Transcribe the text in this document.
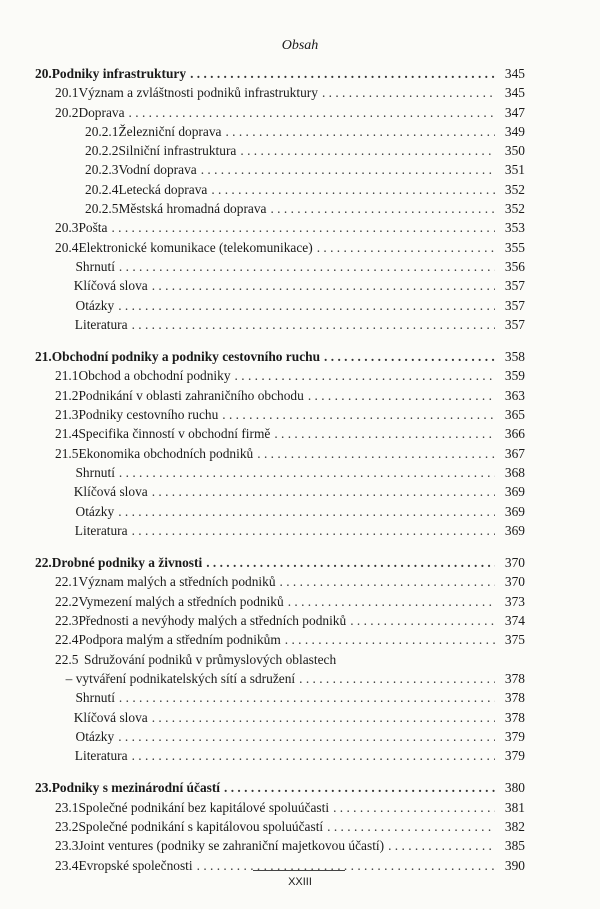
Obsah
20. Podniky infrastruktury . . .	345
20.1 Význam a zvláštnosti podniků infrastruktury . . .	345
20.2 Doprava . . .	347
20.2.1 Železniční doprava . . .	349
20.2.2 Silniční infrastruktura . . .	350
20.2.3 Vodní doprava . . .	351
20.2.4 Letecká doprava . . .	352
20.2.5 Městská hromadná doprava . . .	352
20.3 Pošta . . .	353
20.4 Elektronické komunikace (telekomunikace) . . .	355
Shrnutí . . .	356
Klíčová slova . . .	357
Otázky . . .	357
Literatura . . .	357
21. Obchodní podniky a podniky cestovního ruchu . . .	358
21.1 Obchod a obchodní podniky . . .	359
21.2 Podnikání v oblasti zahraničního obchodu . . .	363
21.3 Podniky cestovního ruchu . . .	365
21.4 Specifika činností v obchodní firmě . . .	366
21.5 Ekonomika obchodních podniků . . .	367
Shrnutí . . .	368
Klíčová slova . . .	369
Otázky . . .	369
Literatura . . .	369
22. Drobné podniky a živnosti . . .	370
22.1 Význam malých a středních podniků . . .	370
22.2 Vymezení malých a středních podniků . . .	373
22.3 Přednosti a nevýhody malých a středních podniků . . .	374
22.4 Podpora malým a středním podnikům . . .	375
22.5 Sdružování podniků v průmyslových oblastech
– vytváření podnikatelských sítí a sdružení . . .	378
Shrnutí . . .	378
Klíčová slova . . .	378
Otázky . . .	379
Literatura . . .	379
23. Podniky s mezinárodní účastí . . .	380
23.1 Společné podnikání bez kapitálové spoluúčasti . . .	381
23.2 Společné podnikání s kapitálovou spoluúčastí . . .	382
23.3 Joint ventures (podniky se zahraniční majetkovou účastí) . . .	385
23.4 Evropské společnosti . . .	390
XXIII
